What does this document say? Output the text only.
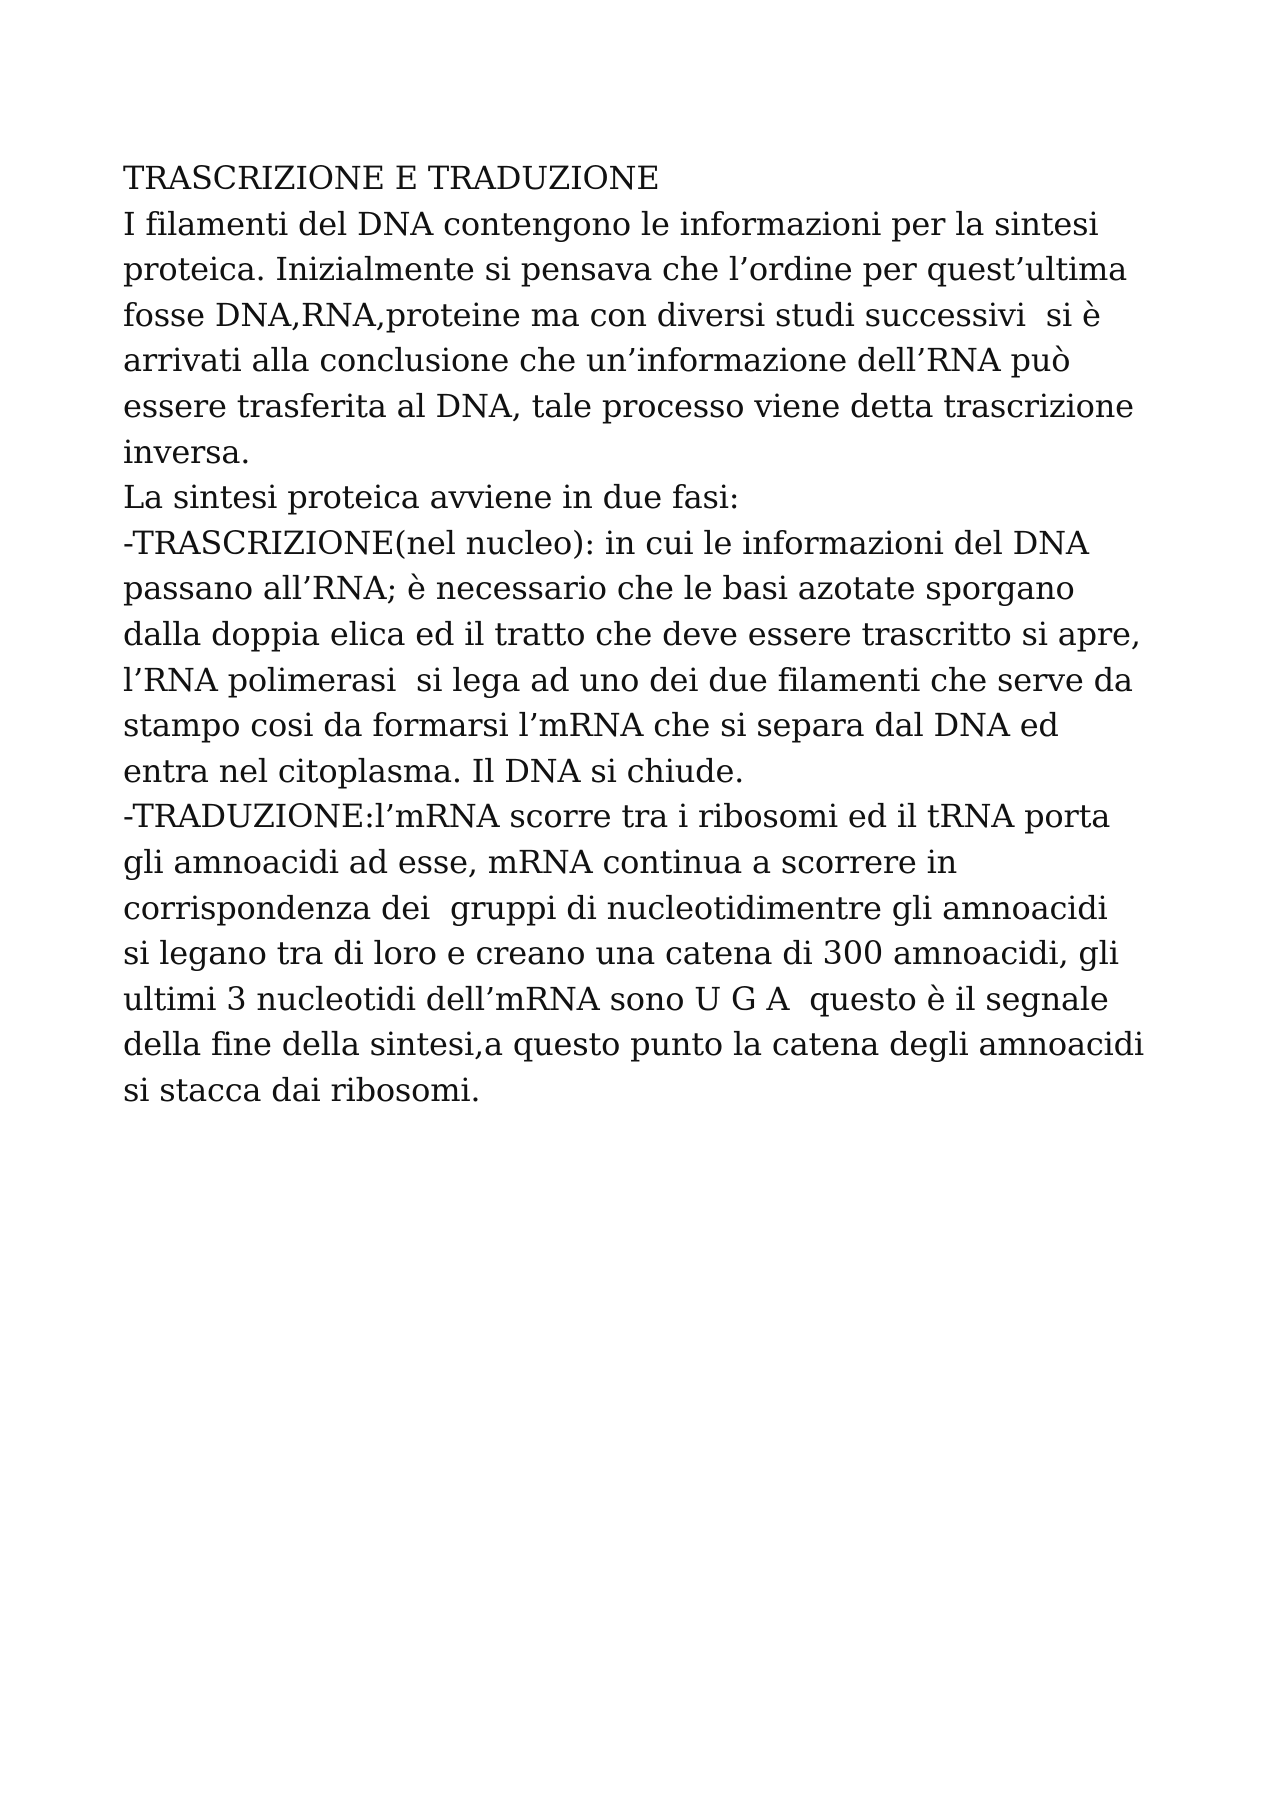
TRASCRIZIONE E TRADUZIONE
I filamenti del DNA contengono le informazioni per la sintesi
proteica. Inizialmente si pensava che l’ordine per quest’ultima
fosse DNA,RNA,proteine ma con diversi studi successivi  si è
arrivati alla conclusione che un’informazione dell’RNA può
essere trasferita al DNA, tale processo viene detta trascrizione
inversa.
La sintesi proteica avviene in due fasi:
-TRASCRIZIONE(nel nucleo): in cui le informazioni del DNA
passano all’RNA; è necessario che le basi azotate sporgano
dalla doppia elica ed il tratto che deve essere trascritto si apre,
l’RNA polimerasi  si lega ad uno dei due filamenti che serve da
stampo cosi da formarsi l’mRNA che si separa dal DNA ed
entra nel citoplasma. Il DNA si chiude.
-TRADUZIONE:l’mRNA scorre tra i ribosomi ed il tRNA porta
gli amnoacidi ad esse, mRNA continua a scorrere in
corrispondenza dei  gruppi di nucleotidimentre gli amnoacidi
si legano tra di loro e creano una catena di 300 amnoacidi, gli
ultimi 3 nucleotidi dell’mRNA sono U G A  questo è il segnale
della fine della sintesi,a questo punto la catena degli amnoacidi
si stacca dai ribosomi.
